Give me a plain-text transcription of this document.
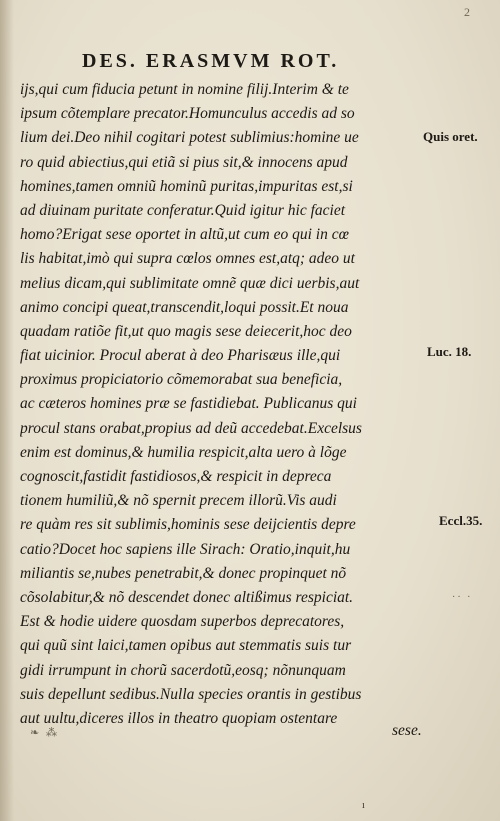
2
DES. ERASMVM ROT.
ijs,qui cum fiducia petunt in nomine filij.Interim & te
ipsum cõtemplare precator.Homunculus accedis ad so
lium dei.Deo nihil cogitari potest sublimius:homine ue
ro quid abiectius,qui etiã si pius sit,& innocens apud
homines,tamen omniũ hominũ puritas,impuritas est,si
ad diuinam puritate conferatur.Quid igitur hic faciet
homo?Erigat sese oportet in altũ,ut cum eo qui in cœ
lis habitat,imò qui supra cœlos omnes est,atq; adeo ut
melius dicam,qui sublimitate omnẽ quæ dici uerbis,aut
animo concipi queat,transcendit,loqui possit.Et noua
quadam ratiõe fit,ut quo magis sese deiecerit,hoc deo
fiat uicinior. Procul aberat à deo Pharisæus ille,qui
proximus propiciatorio cõmemorabat sua beneficia,
ac cæteros homines præ se fastidiebat. Publicanus qui
procul stans orabat,propius ad deũ accedebat.Excelsus
enim est dominus,& humilia respicit,alta uero à lõge
cognoscit,fastidit fastidiosos,& respicit in depreca
tionem humiliũ,& nõ spernit precem illorũ.Vis audi
re quàm res sit sublimis,hominis sese deijcientis depre
catio?Docet hoc sapiens ille Sirach: Oratio,inquit,hu
miliantis se,nubes penetrabit,& donec propinquet nõ
cõsolabitur,& nõ descendet donec altißimus respiciat.
Est & hodie uidere quosdam superbos deprecatores,
qui quũ sint laici,tamen opibus aut stemmatis suis tur
gidi irrumpunt in chorũ sacerdotũ,eosq; nõnunquam
suis depellunt sedibus.Nulla species orantis in gestibus
aut uultu,diceres illos in theatro quopiam ostentare
Quis oret.
Luc. 18.
Eccl.35.
·· ·
❧ ⁂	sese.
ı
